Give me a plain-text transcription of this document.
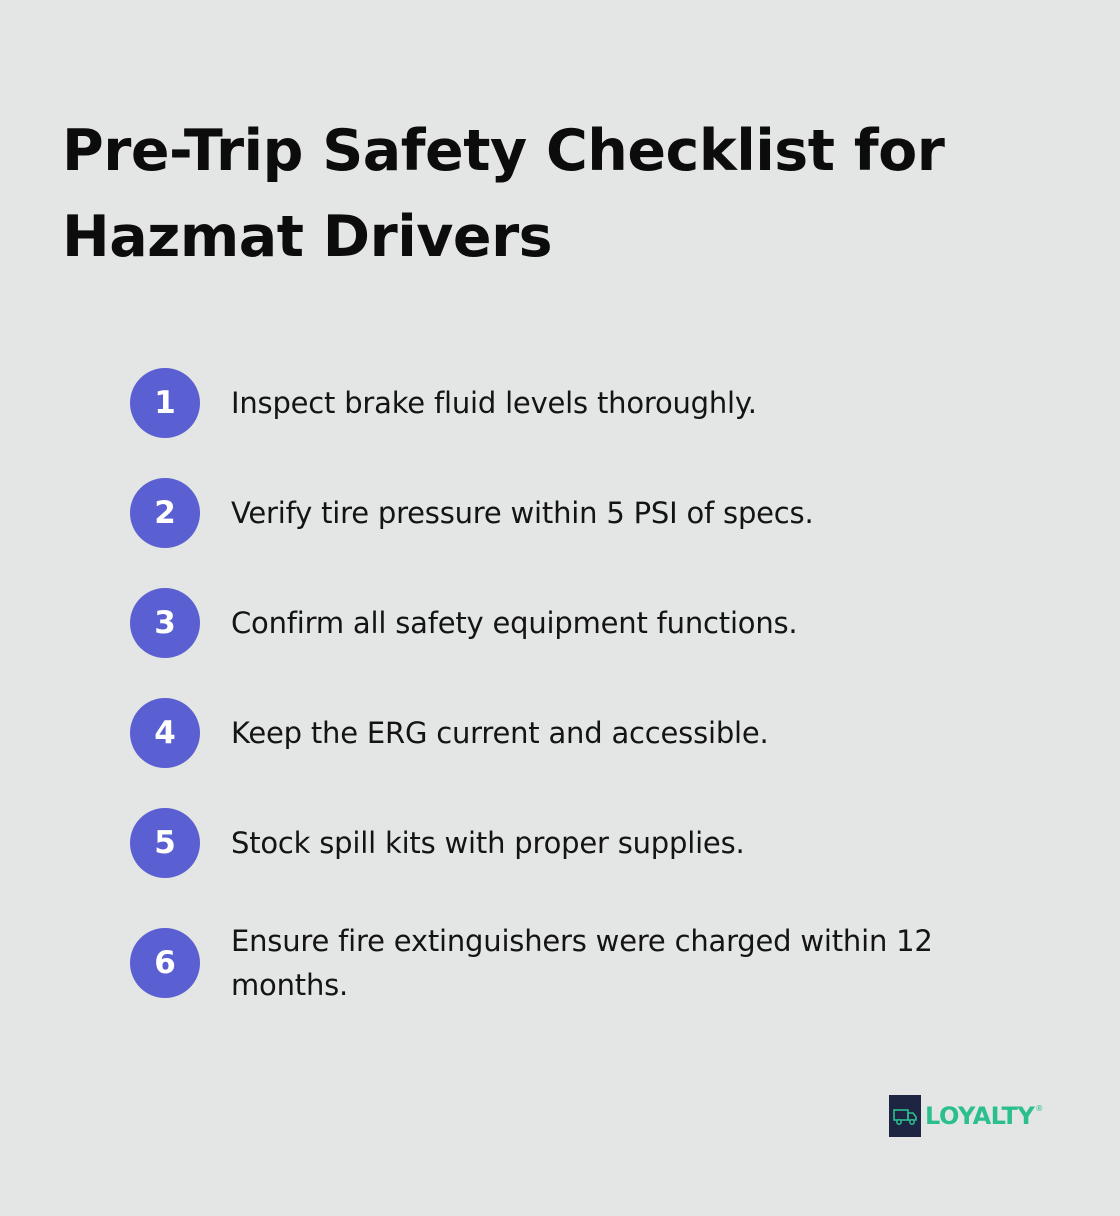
Pre-Trip Safety Checklist for Hazmat Drivers
1	Inspect brake fluid levels thoroughly.
2	Verify tire pressure within 5 PSI of specs.
3	Confirm all safety equipment functions.
4	Keep the ERG current and accessible.
5	Stock spill kits with proper supplies.
6
Ensure fire extinguishers were charged within 12 months.
LOYALTY ®
